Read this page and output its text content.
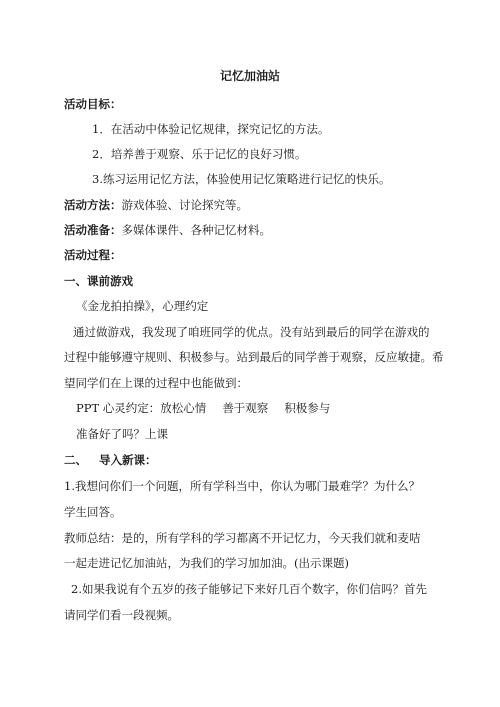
记忆加油站
活动目标：
1．在活动中体验记忆规律，探究记忆的方法。
2．培养善于观察、乐于记忆的良好习惯。
3.练习运用记忆方法，体验使用记忆策略进行记忆的快乐。
活动方法：游戏体验、讨论探究等。
活动准备：多媒体课件、各种记忆材料。
活动过程：
一、课前游戏
《金龙拍拍操》，心理约定
通过做游戏，我发现了咱班同学的优点。没有站到最后的同学在游戏的
过程中能够遵守规则、积极参与。站到最后的同学善于观察，反应敏捷。希
望同学们在上课的过程中也能做到：
PPT 心灵约定：放松心情 善于观察 积极参与
准备好了吗？上课
二、 导入新课：
1.我想问你们一个问题，所有学科当中，你认为哪门最难学？为什么？
学生回答。
教师总结：是的，所有学科的学习都离不开记忆力，今天我们就和麦咭
一起走进记忆加油站，为我们的学习加加油。(出示课题)
2.如果我说有个五岁的孩子能够记下来好几百个数字，你们信吗？首先
请同学们看一段视频。
